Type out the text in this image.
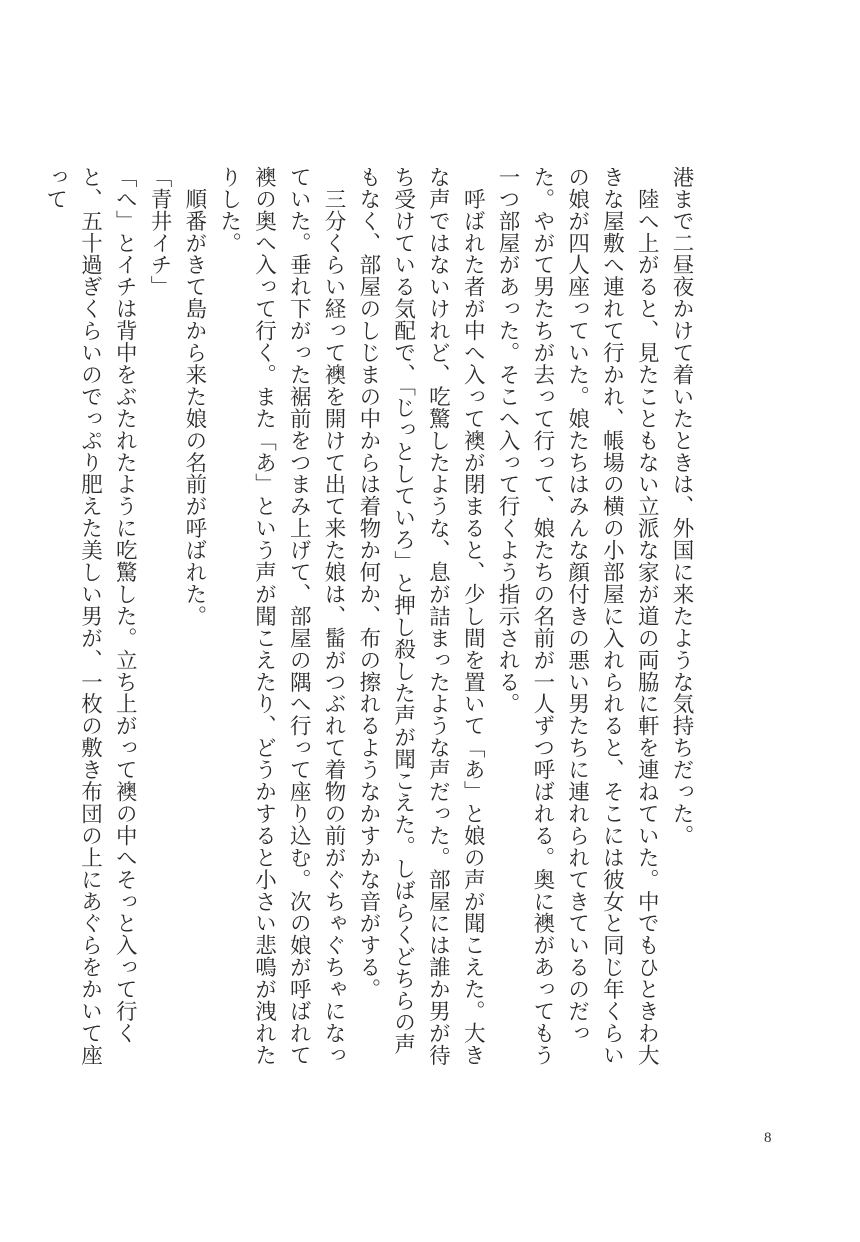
港まで二昼夜かけて着いたときは、外国に来たような気持ちだった。

　陸へ上がると、見たこともない立派な家が道の両脇に軒を連ねていた。中でもひときわ大きな屋敷へ連れて行かれ、帳場の横の小部屋に入れられると、そこには彼女と同じ年くらいの娘が四人座っていた。娘たちはみんな顔付きの悪い男たちに連れられてきているのだった。やがて男たちが去って行って、娘たちの名前が一人ずつ呼ばれる。奥に襖があってもう一つ部屋があった。そこへ入って行くよう指示される。

　呼ばれた者が中へ入って襖が閉まると、少し間を置いて「あ」と娘の声が聞こえた。大きな声ではないけれど、吃驚したような、息が詰まったような声だった。部屋には誰か男が待ち受けている気配で、「じっとしていろ」と押し殺した声が聞こえた。しばらくどちらの声もなく、部屋のしじまの中からは着物か何か、布の擦れるようなかすかな音がする。

　三分くらい経って襖を開けて出て来た娘は、髷がつぶれて着物の前がぐちゃぐちゃになっていた。垂れ下がった裾前をつまみ上げて、部屋の隅へ行って座り込む。次の娘が呼ばれて襖の奥へ入って行く。また「あ」という声が聞こえたり、どうかすると小さい悲鳴が洩れたりした。

　順番がきて島から来た娘の名前が呼ばれた。

「青井イチ」

「へ」とイチは背中をぶたれたように吃驚した。立ち上がって襖の中へそっと入って行くと、五十過ぎくらいのでっぷり肥えた美しい男が、一枚の敷き布団の上にあぐらをかいて座って

8
